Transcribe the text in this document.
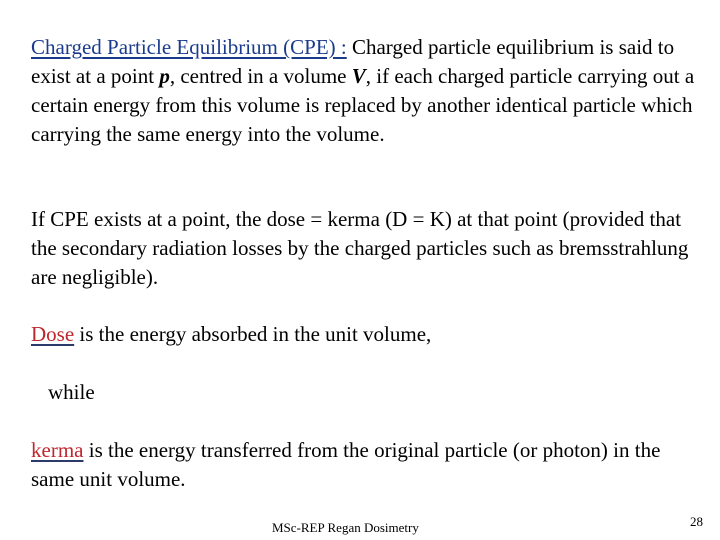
Charged Particle Equilibrium (CPE) : Charged particle equilibrium is said to exist at a point p, centred in a volume V, if each charged particle carrying out a certain energy from this volume is replaced by another identical particle which carrying the same energy into the volume.

If CPE exists at a point, the dose = kerma (D = K) at that point (provided that the secondary radiation losses by the charged particles such as bremsstrahlung are negligible).

Dose is the energy absorbed in the unit volume,

while

kerma is the energy transferred from the original particle (or photon) in the same unit volume.

MSc-REP Regan Dosimetry	28
